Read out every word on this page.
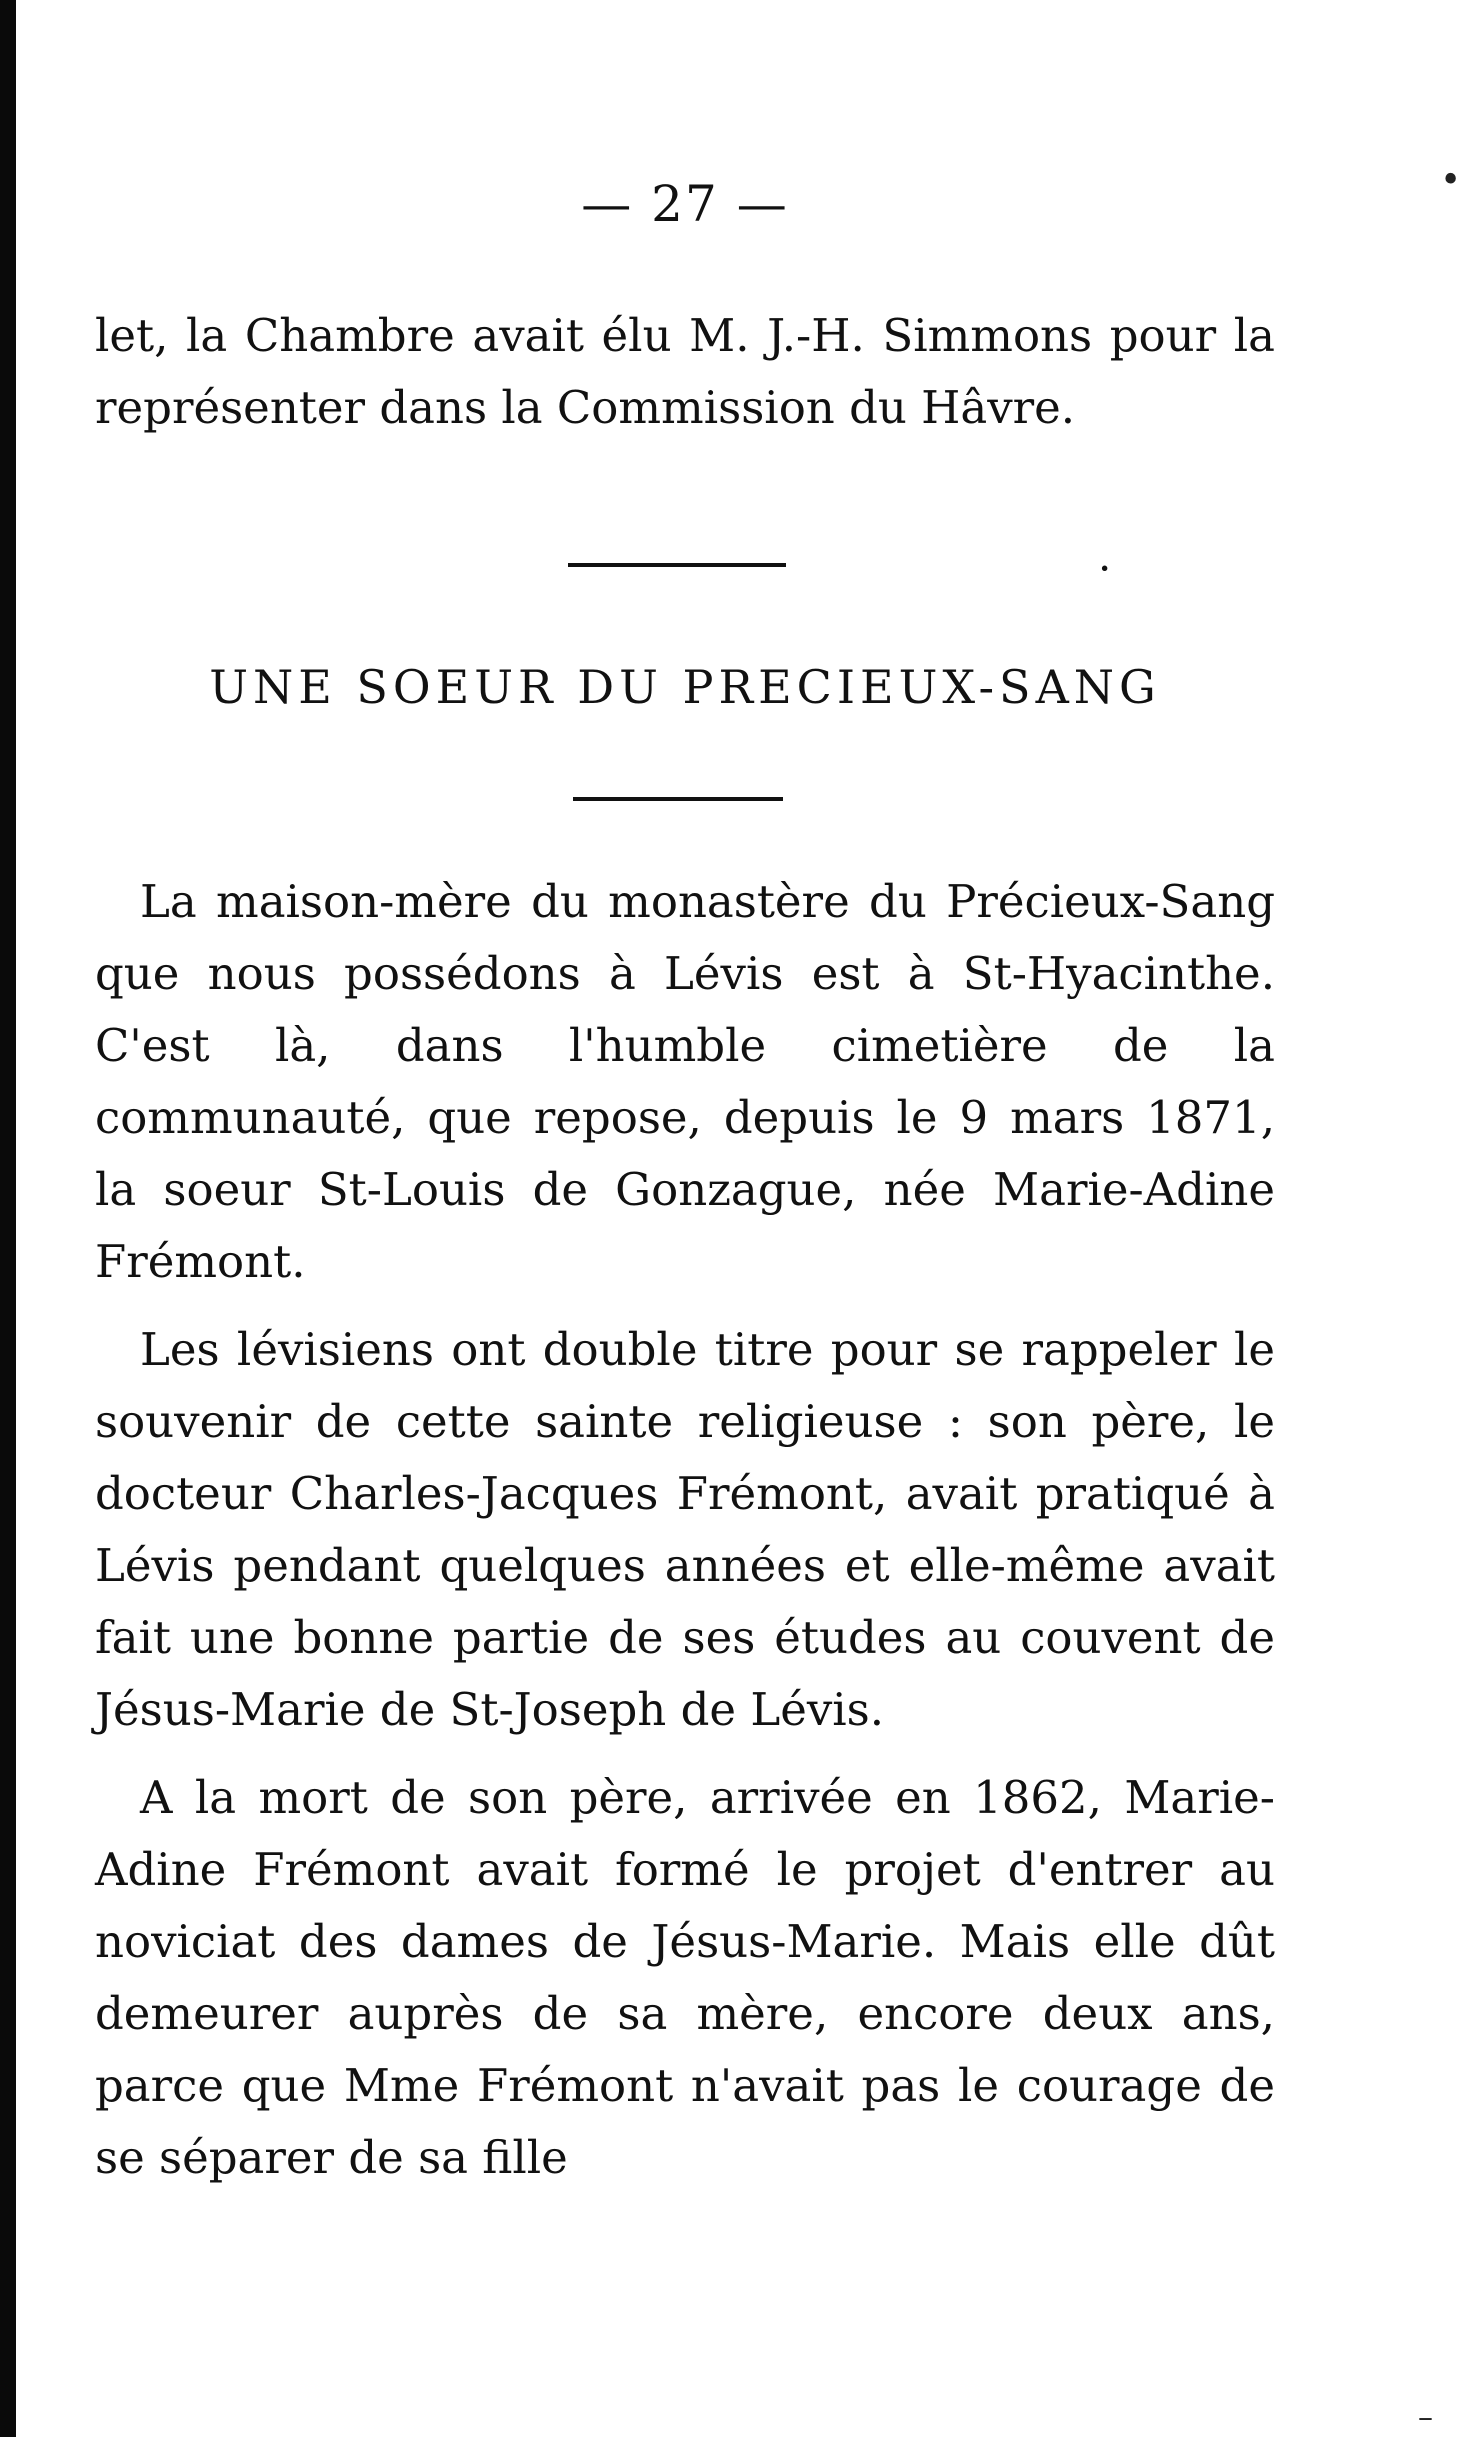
— 27 —

let, la Chambre avait élu M. J.-H. Simmons pour la représenter dans la Commission du Hâvre.

·
UNE SOEUR DU PRECIEUX-SANG

La maison-mère du monastère du Précieux-Sang que nous possédons à Lévis est à St-Hyacinthe. C'est là, dans l'humble cimetière de la communauté, que repose, depuis le 9 mars 1871, la soeur St-Louis de Gonzague, née Marie-Adine Frémont.

Les lévisiens ont double titre pour se rappeler le souvenir de cette sainte religieuse : son père, le docteur Charles-Jacques Frémont, avait pratiqué à Lévis pendant quelques années et elle-même avait fait une bonne partie de ses études au couvent de Jésus-Marie de St-Joseph de Lévis.

A la mort de son père, arrivée en 1862, Marie-Adine Frémont avait formé le projet d'entrer au noviciat des dames de Jésus-Marie. Mais elle dût demeurer auprès de sa mère, encore deux ans, parce que Mme Frémont n'avait pas le courage de se séparer de sa fille

•
–
